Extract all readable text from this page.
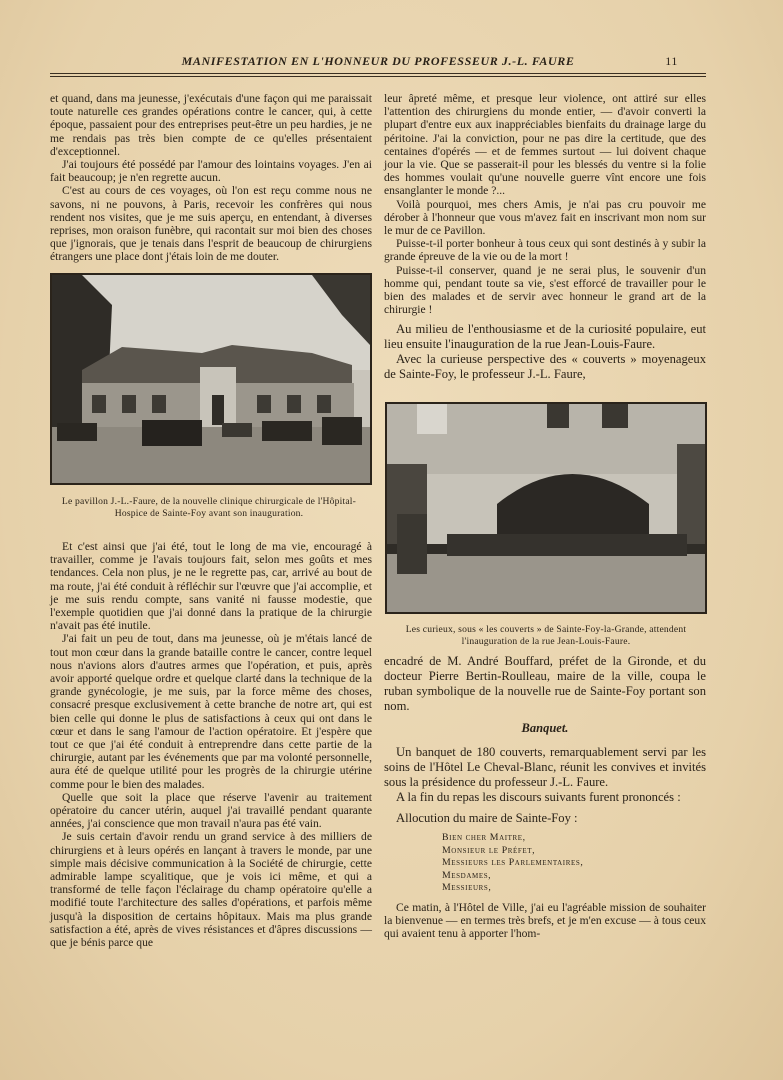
MANIFESTATION EN L'HONNEUR DU PROFESSEUR J.-L. FAURE	11

et quand, dans ma jeunesse, j'exécutais d'une façon qui me paraissait toute naturelle ces grandes opérations contre le cancer, qui, à cette époque, passaient pour des entreprises peut-être un peu hardies, je ne me rendais pas très bien compte de ce qu'elles présentaient d'exceptionnel.

J'ai toujours été possédé par l'amour des lointains voyages. J'en ai fait beaucoup; je n'en regrette aucun.

C'est au cours de ces voyages, où l'on est reçu comme nous ne savons, ni ne pouvons, à Paris, recevoir les confrères qui nous rendent nos visites, que je me suis aperçu, en entendant, à diverses reprises, mon oraison funèbre, qui racontait sur moi bien des choses que j'ignorais, que je tenais dans l'esprit de beaucoup de chirurgiens étrangers une place dont j'étais loin de me douter.

Le pavillon J.-L.-Faure, de la nouvelle clinique chirurgicale de l'Hôpital-Hospice de Sainte-Foy avant son inauguration.

Et c'est ainsi que j'ai été, tout le long de ma vie, encouragé à travailler, comme je l'avais toujours fait, selon mes goûts et mes tendances. Cela non plus, je ne le regrette pas, car, arrivé au bout de ma route, j'ai été conduit à réfléchir sur l'œuvre que j'ai accomplie, et je me suis rendu compte, sans vanité ni fausse modestie, que l'exemple quotidien que j'ai donné dans la pratique de la chirurgie n'avait pas été inutile.

J'ai fait un peu de tout, dans ma jeunesse, où je m'étais lancé de tout mon cœur dans la grande bataille contre le cancer, contre lequel nous n'avions alors d'autres armes que l'opération, et puis, après avoir apporté quelque ordre et quelque clarté dans la technique de la grande gynécologie, je me suis, par la force même des choses, consacré presque exclusivement à cette branche de notre art, qui est bien celle qui donne le plus de satisfactions à ceux qui ont dans le cœur et dans le sang l'amour de l'action opératoire. Et j'espère que tout ce que j'ai été conduit à entreprendre dans cette partie de la chirurgie, autant par les événements que par ma volonté personnelle, aura été de quelque utilité pour les progrès de la chirurgie utérine comme pour le bien des malades.

Quelle que soit la place que réserve l'avenir au traitement opératoire du cancer utérin, auquel j'ai travaillé pendant quarante années, j'ai conscience que mon travail n'aura pas été vain.

Je suis certain d'avoir rendu un grand service à des milliers de chirurgiens et à leurs opérés en lançant à travers le monde, par une simple mais décisive communication à la Société de chirurgie, cette admirable lampe scyalitique, que je vois ici même, et qui a transformé de telle façon l'éclairage du champ opératoire qu'elle a modifié toute l'architecture des salles d'opérations, et parfois même jusqu'à la disposition de certains hôpitaux. Mais ma plus grande satisfaction a été, après de vives résistances et d'âpres discussions — que je bénis parce que

leur âpreté même, et presque leur violence, ont attiré sur elles l'attention des chirurgiens du monde entier, — d'avoir converti la plupart d'entre eux aux inappréciables bienfaits du drainage large du péritoine. J'ai la conviction, pour ne pas dire la certitude, que des centaines d'opérés — et de femmes surtout — lui doivent chaque jour la vie. Que se passerait-il pour les blessés du ventre si la folie des hommes voulait qu'une nouvelle guerre vînt encore une fois ensanglanter le monde ?...

Voilà pourquoi, mes chers Amis, je n'ai pas cru pouvoir me dérober à l'honneur que vous m'avez fait en inscrivant mon nom sur le mur de ce Pavillon.

Puisse-t-il porter bonheur à tous ceux qui sont destinés à y subir la grande épreuve de la vie ou de la mort !

Puisse-t-il conserver, quand je ne serai plus, le souvenir d'un homme qui, pendant toute sa vie, s'est efforcé de travailler pour le bien des malades et de servir avec honneur le grand art de la chirurgie !

Au milieu de l'enthousiasme et de la curiosité populaire, eut lieu ensuite l'inauguration de la rue Jean-Louis-Faure.

Avec la curieuse perspective des « couverts » moyenageux de Sainte-Foy, le professeur J.-L. Faure,

Les curieux, sous « les couverts » de Sainte-Foy-la-Grande, attendent l'inauguration de la rue Jean-Louis-Faure.

encadré de M. André Bouffard, préfet de la Gironde, et du docteur Pierre Bertin-Roulleau, maire de la ville, coupa le ruban symbolique de la nouvelle rue de Sainte-Foy portant son nom.

Banquet.

Un banquet de 180 couverts, remarquablement servi par les soins de l'Hôtel Le Cheval-Blanc, réunit les convives et invités sous la présidence du professeur J.-L. Faure.

A la fin du repas les discours suivants furent prononcés :

Allocution du maire de Sainte-Foy :

Bien cher Maitre,
Monsieur le Préfet,
Messieurs les Parlementaires,
Mesdames,
Messieurs,

Ce matin, à l'Hôtel de Ville, j'ai eu l'agréable mission de souhaiter la bienvenue — en termes très brefs, et je m'en excuse — à tous ceux qui avaient tenu à apporter l'hom-
